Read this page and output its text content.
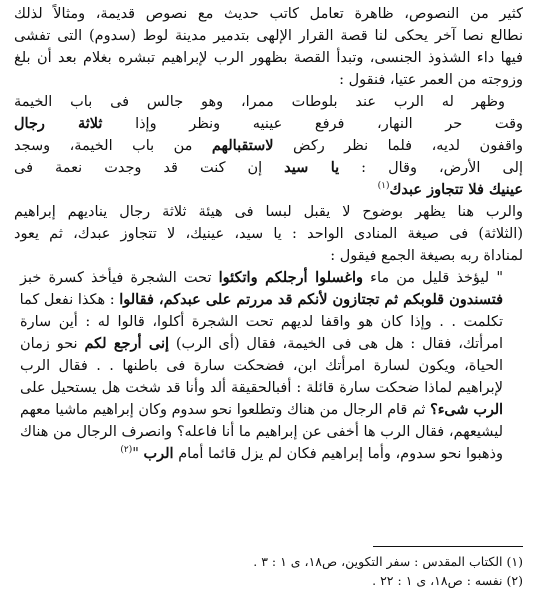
كثير من النصوص، ظاهرة تعامل كاتب حديث مع نصوص قديمة، ومثالاً لذلك
نطالع نصا آخر يحكى لنا قصة القرار الإلهى بتدمير مدينة لوط (سدوم) التى تفشى
فيها داء الشذوذ الجنسى، وتبدأ القصة بظهور الرب لإبراهيم تبشره بغلام بعد أن بلغ
وزوجته من العمر عتيا، فنقول :
وظهر له الرب عند بلوطات ممرا، وهو جالس فى باب الخيمة
وقت حر النهار، فرفع عينيه ونظر وإذا ثلاثة رجال
واقفون لديه، فلما نظر ركض لاستقبالهم من باب الخيمة، وسجد
إلى الأرض، وقال : يا سيد إن كنت قد وجدت نعمة فى
عينيك فلا تتجاوز عبدك$^{(١)}$
والرب هنا يظهر بوضوح لا يقبل لبسا فى هيئة ثلاثة رجال يناديهم إبراهيم
(الثلاثة) فى صيغة المنادى الواحد : يا سيد، عينيك، لا تتجاوز عبدك، ثم يعود
لمناداة ربه بصيغة الجمع فيقول :
" ليؤخذ قليل من ماء واغسلوا أرجلكم واتكئوا تحت الشجرة فيأخذ كسرة خبز
فتسندون قلوبكم ثم تجتازون لأنكم قد مررتم على عبدكم، فقالوا : هكذا نفعل كما
تكلمت . . وإذا كان هو واقفا لديهم تحت الشجرة أكلوا، قالوا له : أين سارة
امرأتك، فقال : هل هى فى الخيمة، فقال (أى الرب) إنى أرجع لكم نحو زمان
الحياة، ويكون لسارة امرأتك ابن، فضحكت سارة فى باطنها . . فقال الرب
لإبراهيم لماذا ضحكت سارة قائلة : أفبالحقيقة ألد وأنا قد شخت هل يستحيل على
الرب شىء؟ ثم قام الرجال من هناك وتطلعوا نحو سدوم وكان إبراهيم ماشيا معهم
ليشيعهم، فقال الرب ها أخفى عن إبراهيم ما أنا فاعله؟ وانصرف الرجال من هناك
وذهبوا نحو سدوم، وأما إبراهيم فكان لم يزل قائما أمام الرب "$^{(٢)}$
(١) الكتاب المقدس : سفر التكوين، ص١٨، ى ١ : ٣ .
(٢) نفسه : ص١٨، ى ١ : ٢٢ .
